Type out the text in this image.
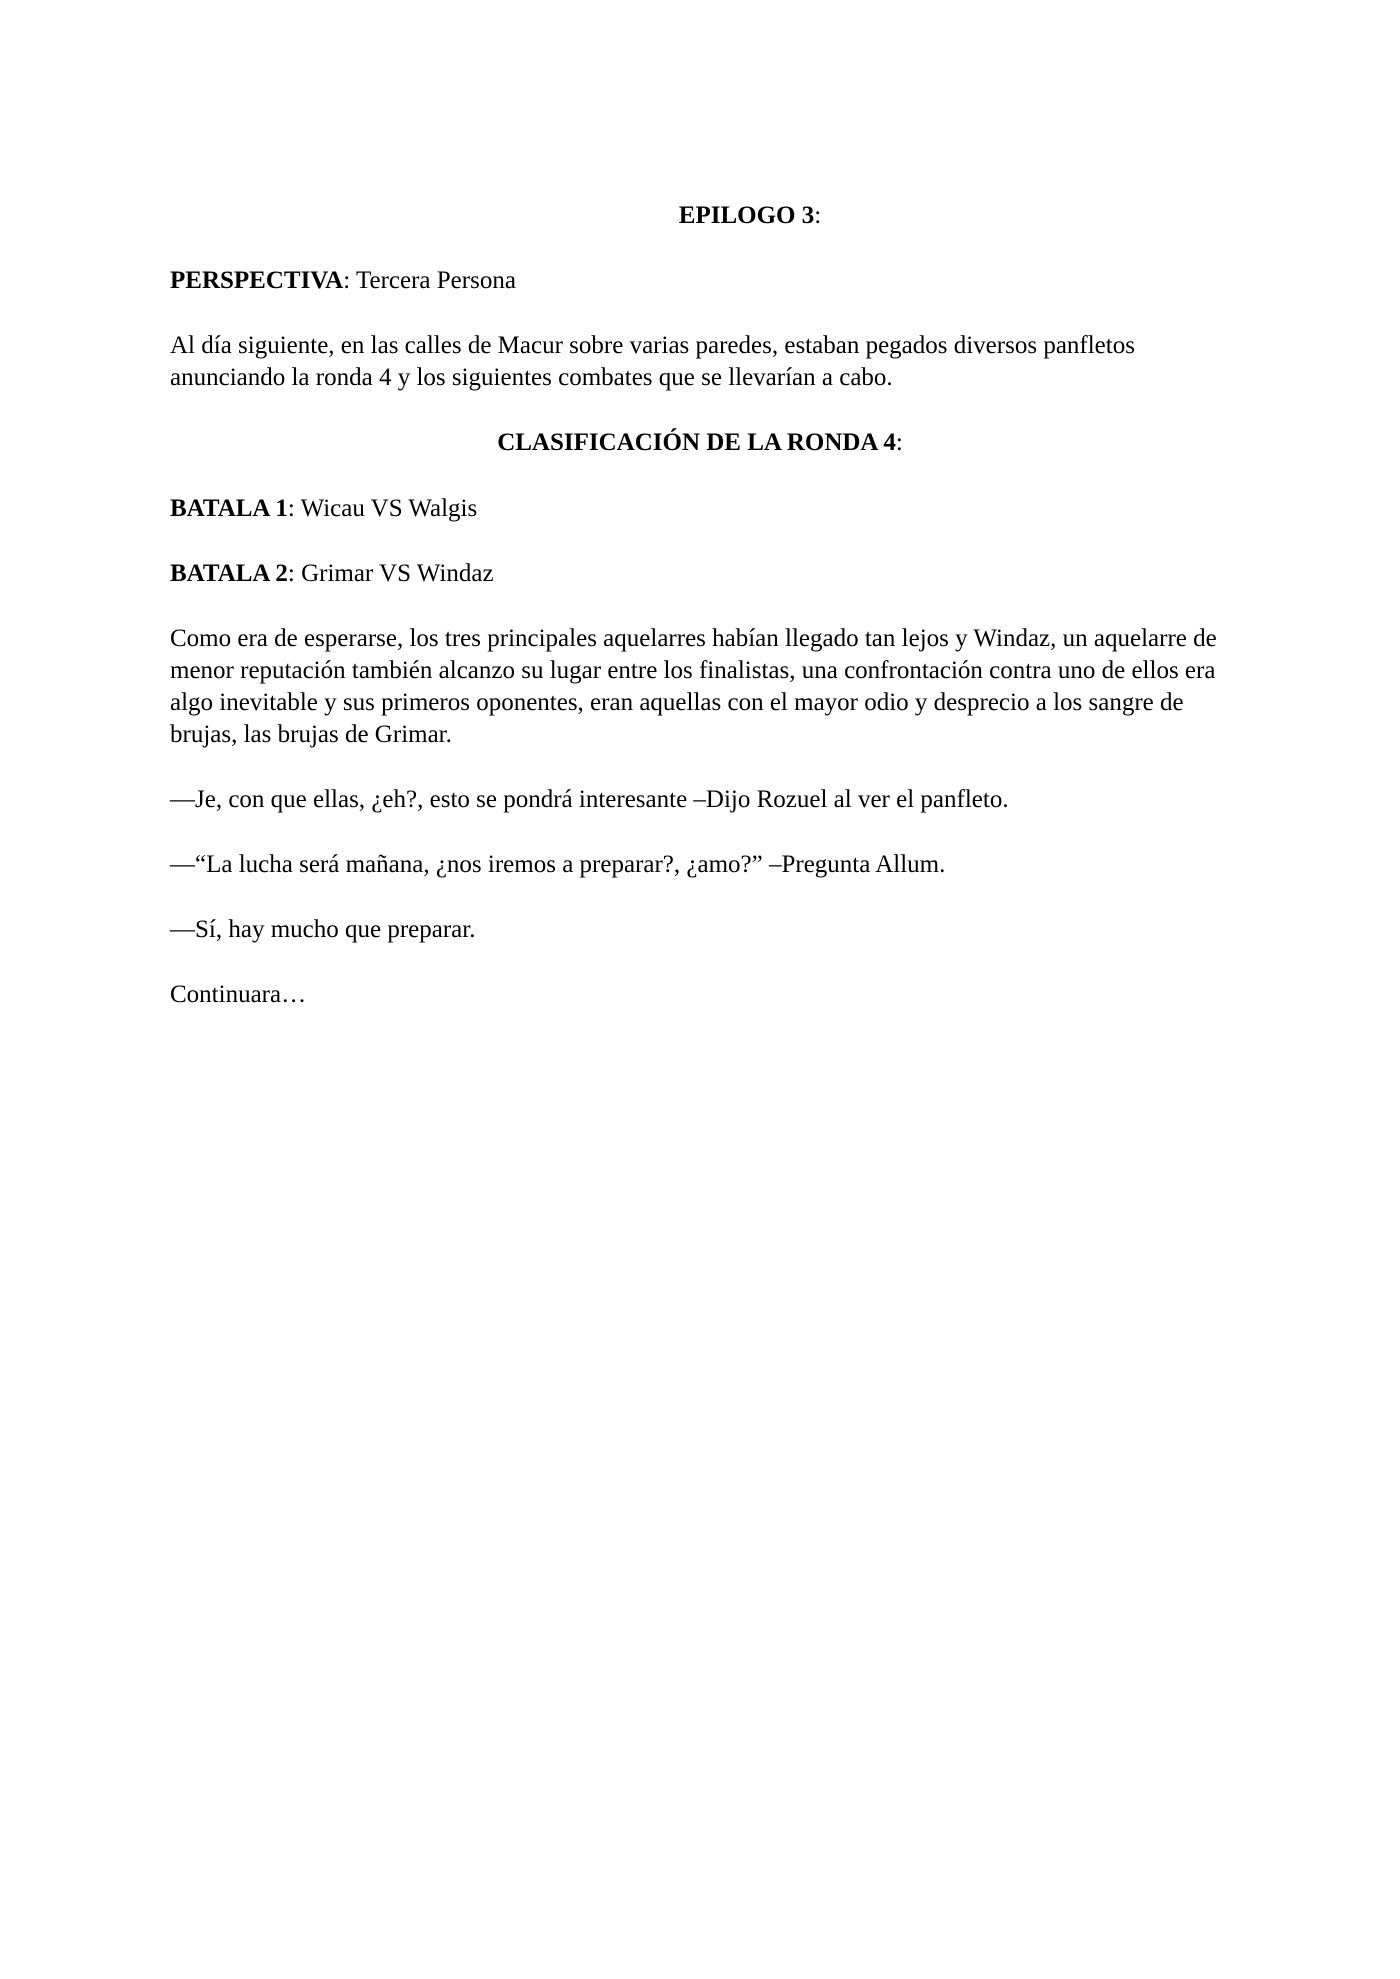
EPILOGO 3:

PERSPECTIVA: Tercera Persona

Al día siguiente, en las calles de Macur sobre varias paredes, estaban pegados diversos panfletos anunciando la ronda 4 y los siguientes combates que se llevarían a cabo.

CLASIFICACIÓN DE LA RONDA 4:

BATALA 1: Wicau VS Walgis

BATALA 2: Grimar VS Windaz

Como era de esperarse, los tres principales aquelarres habían llegado tan lejos y Windaz, un aquelarre de menor reputación también alcanzo su lugar entre los finalistas, una confrontación contra uno de ellos era algo inevitable y sus primeros oponentes, eran aquellas con el mayor odio y desprecio a los sangre de brujas, las brujas de Grimar.

—Je, con que ellas, ¿eh?, esto se pondrá interesante –Dijo Rozuel al ver el panfleto.

—“La lucha será mañana, ¿nos iremos a preparar?, ¿amo?” –Pregunta Allum.

—Sí, hay mucho que preparar.

Continuara…
